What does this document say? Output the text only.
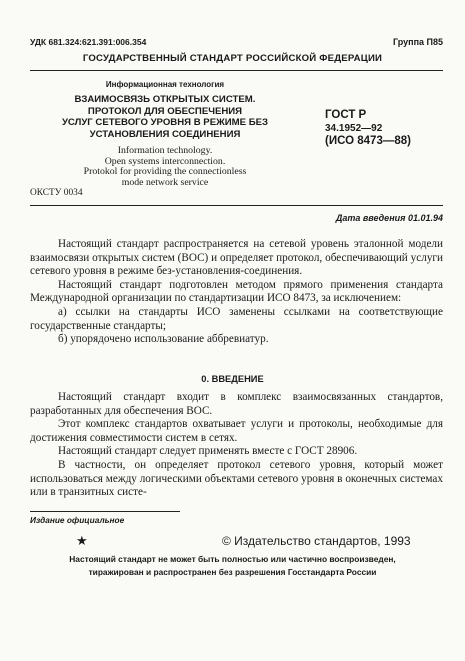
УДК 681.324:621.391:006.354	Группа П85
ГОСУДАРСТВЕННЫЙ СТАНДАРТ РОССИЙСКОЙ ФЕДЕРАЦИИ
Информационная технология
ВЗАИМОСВЯЗЬ ОТКРЫТЫХ СИСТЕМ.
ПРОТОКОЛ ДЛЯ ОБЕСПЕЧЕНИЯ
УСЛУГ СЕТЕВОГО УРОВНЯ В РЕЖИМЕ БЕЗ
УСТАНОВЛЕНИЯ СОЕДИНЕНИЯ
Information technology.
Open systems interconnection.
Protokol for providing the connectionless
mode network service
ГОСТ Р
34.1952—92
(ИСО 8473—88)
ОКСТУ 0034
Дата введения 01.01.94

Настоящий стандарт распространяется на сетевой уровень эталонной модели взаимосвязи открытых систем (ВОС) и определяет протокол, обеспечивающий услуги сетевого уровня в режиме без-установления-соединения.

Настоящий стандарт подготовлен методом прямого применения стандарта Международной организации по стандартизации ИСО 8473, за исключением:

а) ссылки на стандарты ИСО заменены ссылками на соответствующие государственные стандарты;

б) упорядочено использование аббревиатур.

0. ВВЕДЕНИЕ

Настоящий стандарт входит в комплекс взаимосвязанных стандартов, разработанных для обеспечения ВОС.

Этот комплекс стандартов охватывает услуги и протоколы, необходимые для достижения совместимости систем в сетях.

Настоящий стандарт следует применять вместе с ГОСТ 28906.

В частности, он определяет протокол сетевого уровня, который может использоваться между логическими объектами сетевого уровня в оконечных системах или в транзитных систе-

Издание официальное
★	© Издательство стандартов, 1993
Настоящий стандарт не может быть полностью или частично воспроизведен,
тиражирован и распространен без разрешения Госстандарта России
